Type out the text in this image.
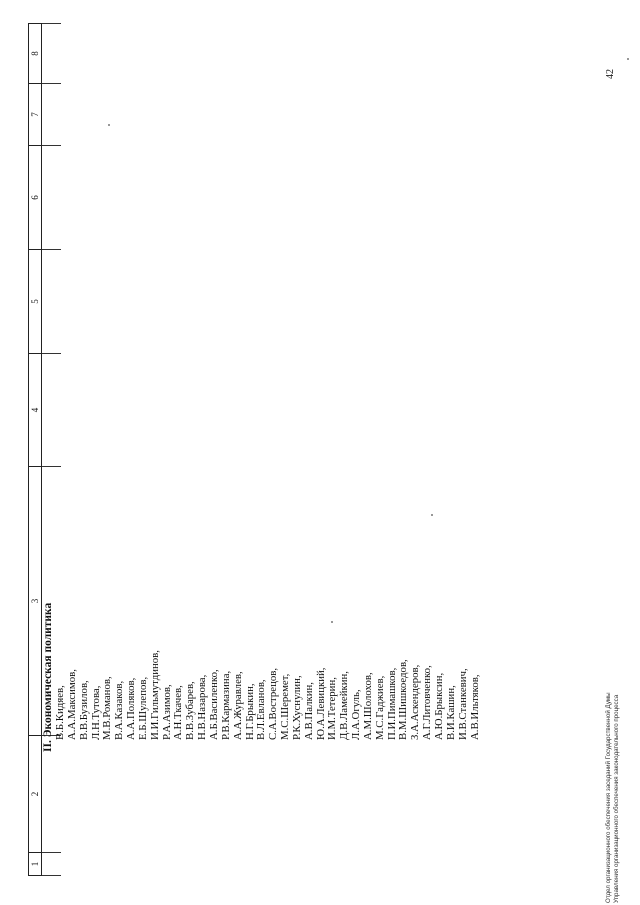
1
2
3
4
5
6
7
8
II. Экономическая политика В.Б.Кидяев, А.А.Максимов, В.В.Бузилов, Л.Н.Тутова, М.В.Романов, В.А.Казаков, А.А.Поляков, Е.Б.Шулепов, И.И.Гильмутдинов, Р.А.Азимов, А.Н.Ткачев, В.В.Зубарев, Н.В.Назарова, А.Б.Василенко, Р.В.Кармазина, А.А.Журавлев, Н.Г.Брыкин, В.Л.Евланов, С.А.Вострецов, М.С.Шеремет, Р.К.Хуснулин, А.В.Палкин, Ю.А.Левицкий, И.М.Тетерин, Д.В.Ламейкин, Л.А.Огуль, А.М.Шолохов, М.С.Гаджиев, П.И.Пимашков, В.М.Шишкоедов, З.А.Аскендеров, А.Г.Литовченко, А.Ю.Брыксин, В.И.Кашин, И.В.Станкевич, А.В.Ильтяков,	Отдел организационного обеспечения заседаний Государственной Думы Управления организационного обеспечения законодательного процесса
42
